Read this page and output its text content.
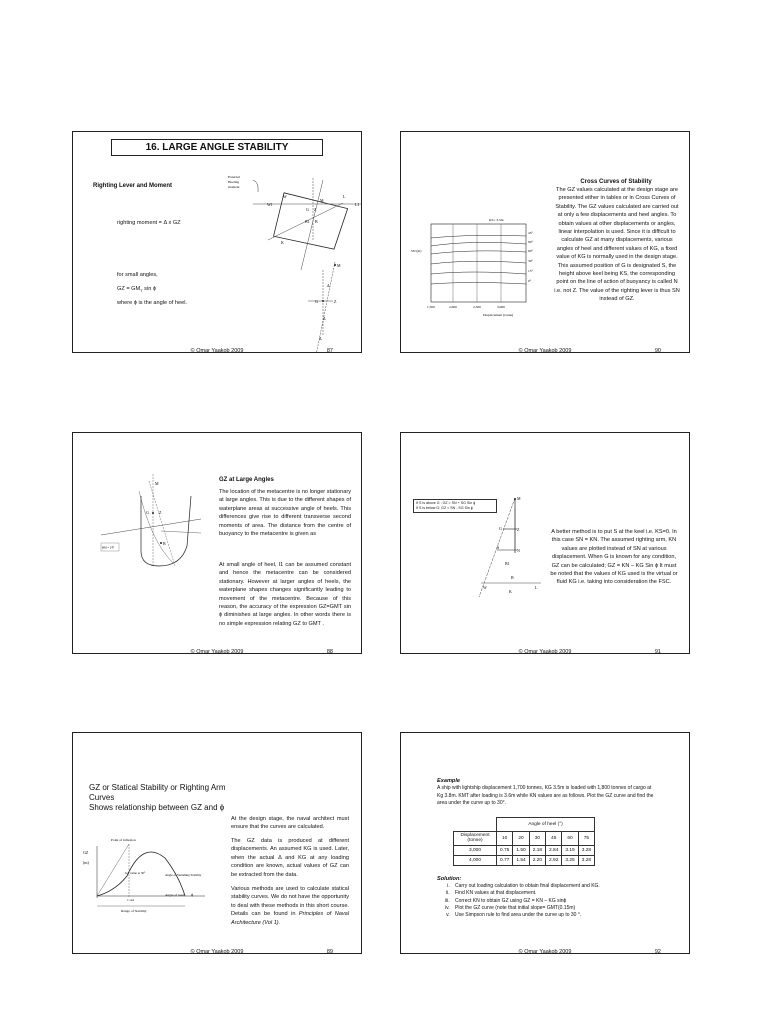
16. LARGE ANGLE STABILITY
Righting Lever and Moment
righting moment = Δ x GZ
for small angles,
GZ = $GM_T$ sin ϕ
where ϕ is the angle of heel.
External
Heeling
moment
W1	L1
W	L
M
Z
G
B1 B
K
M
G	Z
Δ
Δ
Δ
© Omar Yaakob 2009	87
Cross Curves of Stability
The GZ values calculated at the design stage are presented either in tables or in Cross Curves of Stability. The GZ values calculated are carried out at only a few displacements and heel angles. To obtain values at other displacements or angles, linear interpolation is used. Since it is difficult to calculate GZ at many displacements, various angles of heel and different values of KG, a fixed value of KG is normally used in the design stage. This assumed position of G is designated S, the height above keel being KS, the corresponding point on the line of action of buoyancy is called N i.e. not Z. The value of the righting lever is thus SN instead of GZ.
KS= 3.5m
SN (m)
45°
90°
60°
30°
15°
0°
1,500	2,000	2,500	3,000
Displacement (tonne)
© Omar Yaakob 2009	90
GZ at Large Angles
The location of the metacentre is no longer stationary at large angles. This is due to the different shapes of waterplane areas at successive angle of heels. This differences give rise to different transverse second moments of area. The distance from the centre of buoyancy to the metacentre is given as
At small angle of heel, I1 can be assumed constant and hence the metacentre can be considered stationary. However at larger angles of heels, the waterplane shapes changes significantly leading to movement of the metacentre. Because of this reason, the accuracy of the expression GZ=GMT sin ϕ diminishes at large angles. In other words there is no simple expression relating GZ to GMT .
M
G	Z
B
BM = I/∇
© Omar Yaakob 2009	88
If S is above G : GZ = SN + SG Sin ϕ
If S is below G: GZ = SN - SG Sin ϕ
M
N
S
G	Z
B1
B
K
W	L
A better method is to put S at the keel i.e. KS=0. In this case SN = KN. The assumed righting arm, KN values are plotted instead of SN at various displacement. When G is known for any condition, GZ can be calculated; GZ = KN – KG Sin ϕ It must be noted that the values of KG used is the virtual or fluid KG i.e. taking into consideration the FSC.
© Omar Yaakob 2009	91
GZ or Statical Stability or Righting Arm Curves
Shows relationship between GZ and ϕ
GZ
(m)
Point of inflexion
Angle of Vanishing Stability
GZ value at 30°
1 rad
Angle of heel ϕ
Range of Stability
At the design stage, the naval architect must ensure that the curves are calculated.
The GZ data is produced at different displacements. An assumed KG is used. Later, when the actual Δ and KG at any loading condition are known, actual values of GZ can be extracted from the data.
Various methods are used to calculate statical stability curves. We do not have the opportunity to deal with these methods in this short course. Details can be found in Principles of Naval Architecture (Vol 1).
© Omar Yaakob 2009	89
Example
A ship with lightship displacement 1,700 tonnes, KG 3.5m is loaded with 1,800 tonnes of cargo at Kg 3.8m. KMT after loading is 3.6m while KN values are as follows. Plot the GZ curve and find the area under the curve up to 30°.
	Angle of heel (°)					
Displacement (tonne)	10	20	30	45	60	75
3,000	0.75	1.50	2.18	2.84	3.19	3.28
4,000	0.77	1.54	2.20	2.92	3.25	3.28
Solution:
i. Carry out loading calculation to obtain final displacement and KG.
ii. Find KN values at that displacement.
iii. Correct KN to obtain GZ using GZ = KN – KG sinϕ
iv. Plot the GZ curve (note that initial slope= GMT(0.15m)
v. Use Simpson rule to find area under the curve up to 30 °.
© Omar Yaakob 2009	92
